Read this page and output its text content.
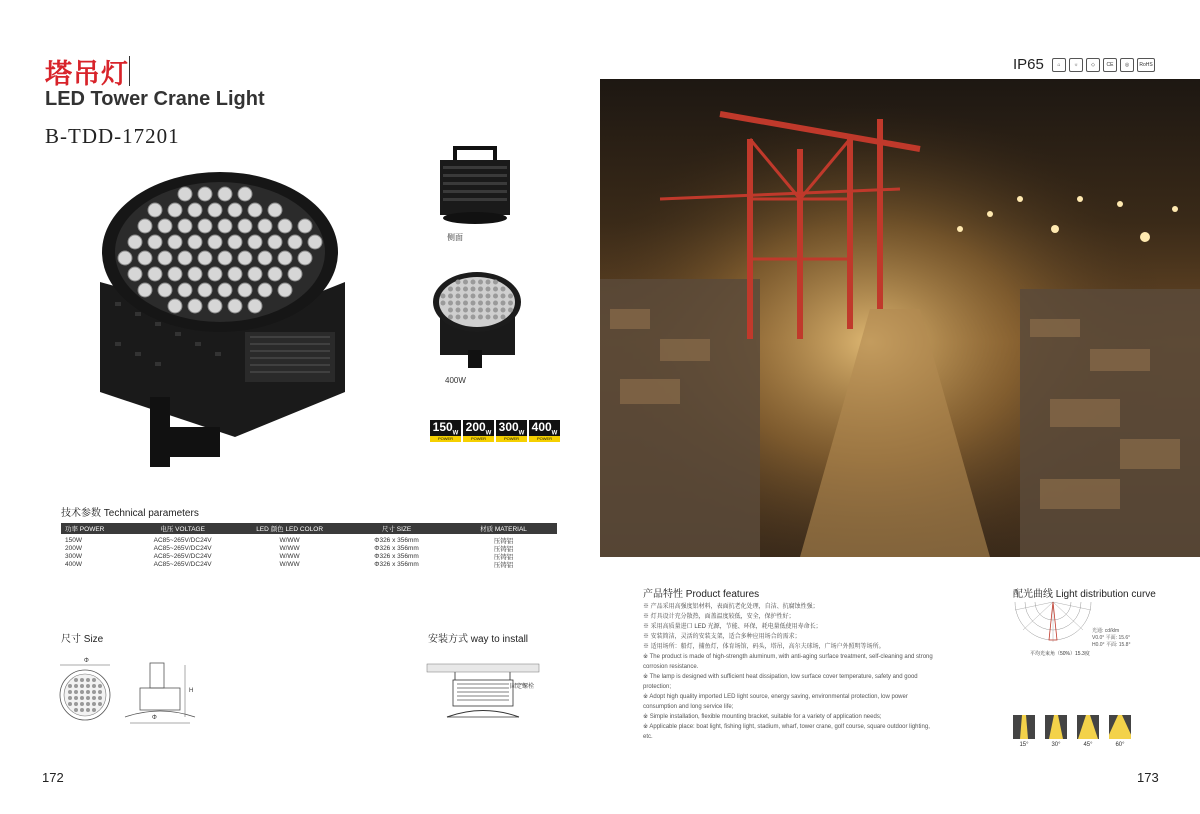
塔吊灯
LED Tower Crane Light
B-TDD-17201
侧面
400W
$150_W$
POWER
$200_W$
POWER
$300_W$
POWER
$400_W$
POWER
技术参数 Technical parameters
功率 POWER	电压 VOLTAGE	LED 颜色 LED COLOR	尺寸 SIZE	材质 MATERIAL
150W	AC85~265V/DC24V	W/WW	Φ326 x 356mm	压铸铝
200W	AC85~265V/DC24V	W/WW	Φ326 x 356mm	压铸铝
300W	AC85~265V/DC24V	W/WW	Φ326 x 356mm	压铸铝
400W	AC85~265V/DC24V	W/WW	Φ326 x 356mm	压铸铝
尺寸 Size
Φ
H
Φ
安装方式 way to install
固定螺栓
172	173
IP65	⌂	☼	◇	CE	◎	RoHS
产品特性 Product features
※ 产品采用高强度铝材料，表面抗老化处理，自洁、抗腐蚀性强；
※ 灯具设计充分散热，面盖温度较低，安全，保护性好；
※ 采用高质量进口 LED 光源，节能、环保，耗电量低使用寿命长；
※ 安装简洁，灵活的安装支架，适合多种应用场合的需求；
※ 适用场所：船灯，捕鱼灯，体育场馆，码头，塔吊，高尔夫球场，广场户外照明等场所。
※ The product is made of high-strength aluminum, with anti-aging surface treatment, self-cleaning and strong corrosion resistance.
※ The lamp is designed with sufficient heat dissipation, low surface cover temperature, safety and good protection;
※ Adopt high quality imported LED light source, energy saving, environmental protection, low power consumption and long service life;
※ Simple installation, flexible mounting bracket, suitable for a variety of application needs;
※ Applicable place: boat light, fishing light, stadium, wharf, tower crane, golf course, square outdoor lighting, etc.
配光曲线 Light distribution curve
光通: cd/klm
V0.0° 平面: 15.6°
H0.0° 平面: 15.8°
平均光束角（50%）15.3度
15°	30°	45°	60°
